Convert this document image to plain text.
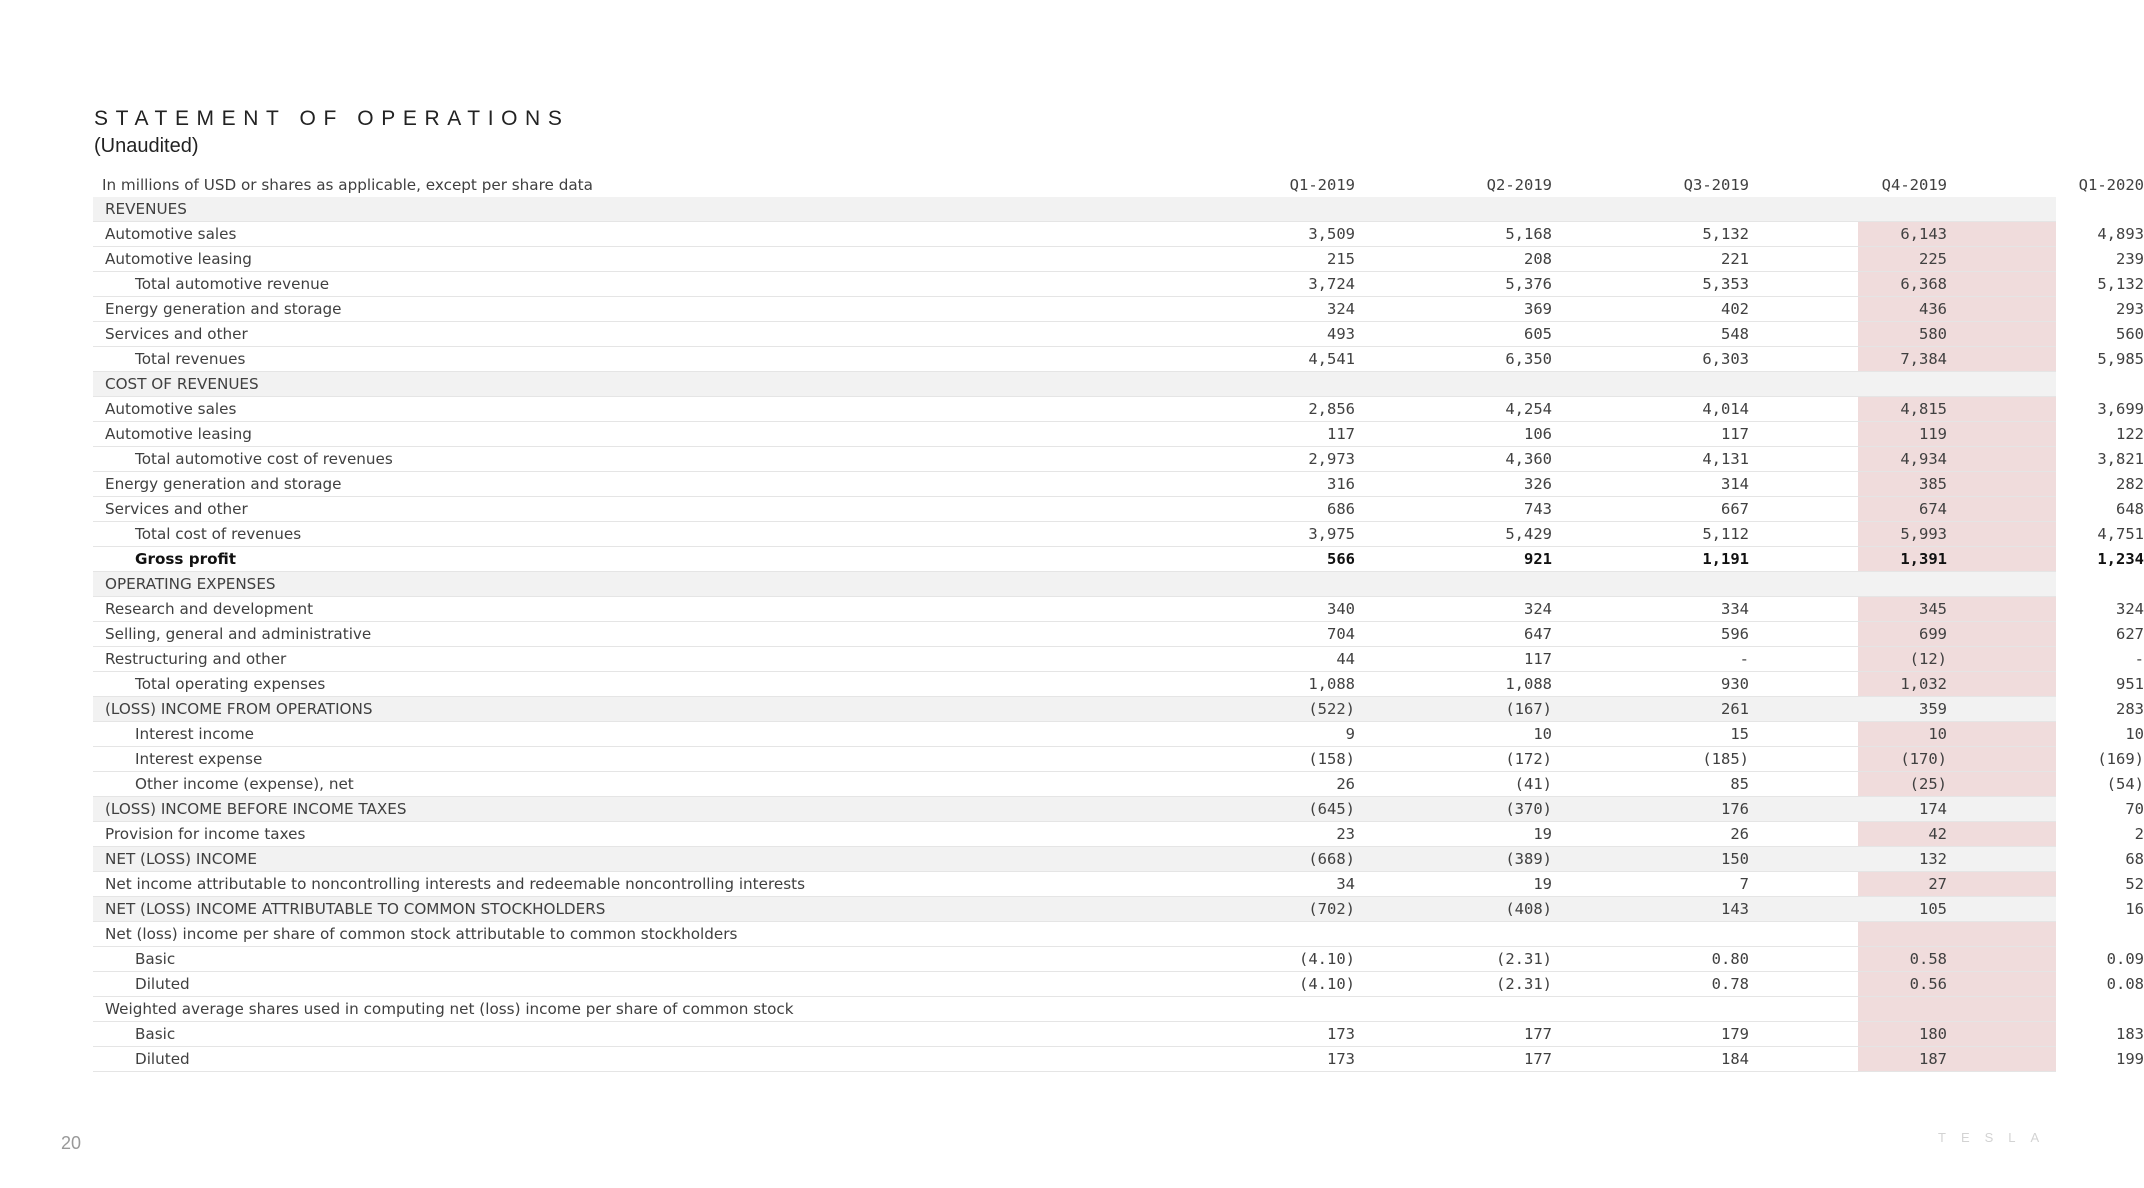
STATEMENT OF OPERATIONS
(Unaudited)
In millions of USD or shares as applicable, except per share data	Q1-2019	Q2-2019	Q3-2019	Q4-2019	Q1-2020
REVENUES
Automotive sales	3,509	5,168	5,132	6,143	4,893
Automotive leasing	215	208	221	225	239
Total automotive revenue	3,724	5,376	5,353	6,368	5,132
Energy generation and storage	324	369	402	436	293
Services and other	493	605	548	580	560
Total revenues	4,541	6,350	6,303	7,384	5,985
COST OF REVENUES
Automotive sales	2,856	4,254	4,014	4,815	3,699
Automotive leasing	117	106	117	119	122
Total automotive cost of revenues	2,973	4,360	4,131	4,934	3,821
Energy generation and storage	316	326	314	385	282
Services and other	686	743	667	674	648
Total cost of revenues	3,975	5,429	5,112	5,993	4,751
Gross profit	566	921	1,191	1,391	1,234
OPERATING EXPENSES
Research and development	340	324	334	345	324
Selling, general and administrative	704	647	596	699	627
Restructuring and other	44	117	-	(12)	-
Total operating expenses	1,088	1,088	930	1,032	951
(LOSS) INCOME FROM OPERATIONS	(522)	(167)	261	359	283
Interest income	9	10	15	10	10
Interest expense	(158)	(172)	(185)	(170)	(169)
Other income (expense), net	26	(41)	85	(25)	(54)
(LOSS) INCOME BEFORE INCOME TAXES	(645)	(370)	176	174	70
Provision for income taxes	23	19	26	42	2
NET (LOSS) INCOME	(668)	(389)	150	132	68
Net income attributable to noncontrolling interests and redeemable noncontrolling interests	34	19	7	27	52
NET (LOSS) INCOME ATTRIBUTABLE TO COMMON STOCKHOLDERS	(702)	(408)	143	105	16
Net (loss) income per share of common stock attributable to common stockholders
Basic	(4.10)	(2.31)	0.80	0.58	0.09
Diluted	(4.10)	(2.31)	0.78	0.56	0.08
Weighted average shares used in computing net (loss) income per share of common stock
Basic	173	177	179	180	183
Diluted	173	177	184	187	199
20	TESLA
